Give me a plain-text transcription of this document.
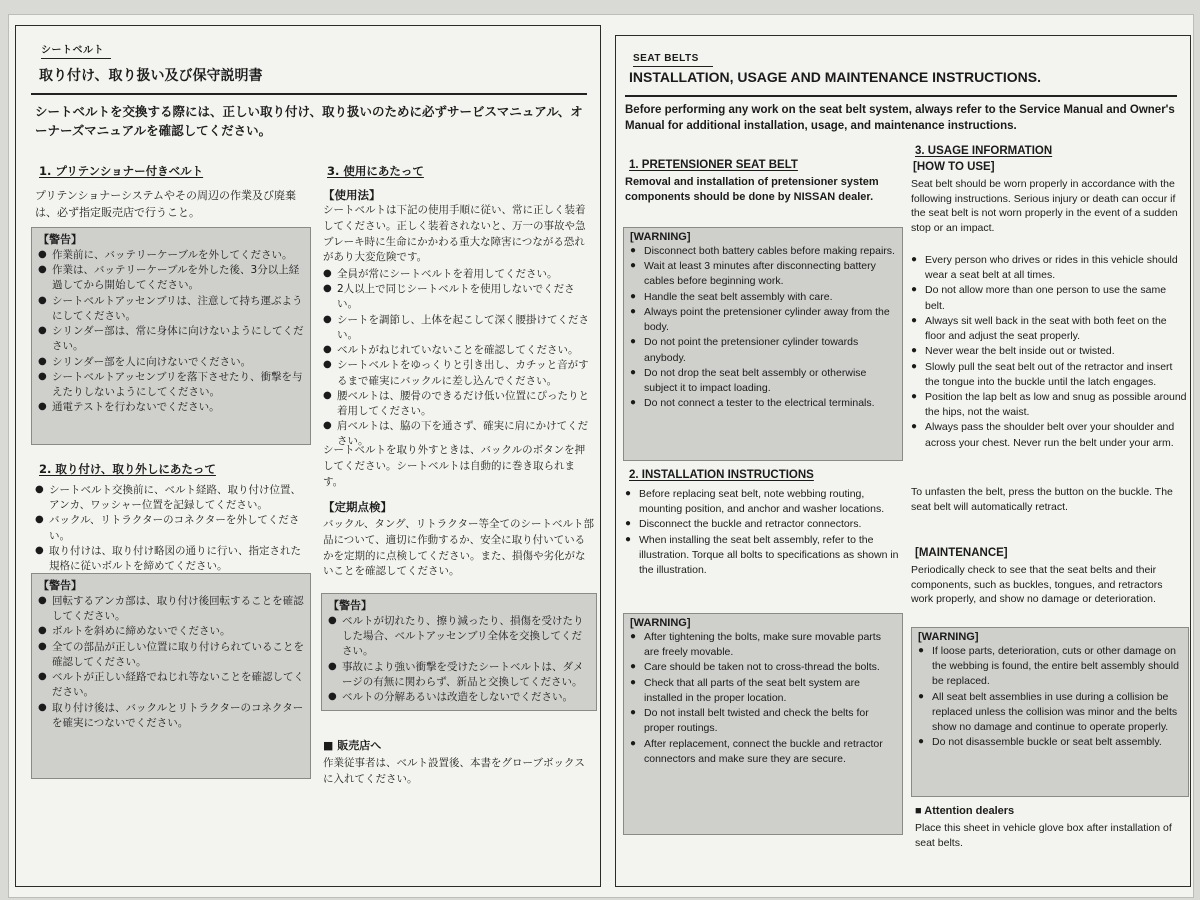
シートベルト
取り付け、取り扱い及び保守説明書
シートベルトを交換する際には、正しい取り付け、取り扱いのために必ずサービスマニュアル、オーナーズマニュアルを確認してください。
1. プリテンショナー付きベルト
プリテンショナーシステムやその周辺の作業及び廃棄は、必ず指定販売店で行うこと。
【警告】
● 作業前に、バッテリーケーブルを外してください。
● 作業は、バッテリーケーブルを外した後、3分以上経過してから開始してください。
● シートベルトアッセンブリは、注意して持ち運ぶようにしてください。
● シリンダー部は、常に身体に向けないようにしてください。
● シリンダー部を人に向けないでください。
● シートベルトアッセンブリを落下させたり、衝撃を与えたりしないようにしてください。
● 通電テストを行わないでください。
2. 取り付け、取り外しにあたって
● シートベルト交換前に、ベルト経路、取り付け位置、アンカ、ワッシャー位置を記録してください。
● バックル、リトラクターのコネクターを外してください。
● 取り付けは、取り付け略図の通りに行い、指定された規格に従いボルトを締めてください。
【警告】
● 回転するアンカ部は、取り付け後回転することを確認してください。
● ボルトを斜めに締めないでください。
● 全ての部品が正しい位置に取り付けられていることを確認してください。
● ベルトが正しい経路でねじれ等ないことを確認してください。
● 取り付け後は、バックルとリトラクターのコネクターを確実につないでください。
3. 使用にあたって
【使用法】
シートベルトは下記の使用手順に従い、常に正しく装着してください。正しく装着されないと、万一の事故や急ブレーキ時に生命にかかわる重大な障害につながる恐れがあり大変危険です。
● 全員が常にシートベルトを着用してください。
● 2人以上で同じシートベルトを使用しないでください。
● シートを調節し、上体を起こして深く腰掛けてください。
● ベルトがねじれていないことを確認してください。
● シートベルトをゆっくりと引き出し、カチッと音がするまで確実にバックルに差し込んでください。
● 腰ベルトは、腰骨のできるだけ低い位置にぴったりと着用してください。
● 肩ベルトは、脇の下を通さず、確実に肩にかけてください。
シートベルトを取り外すときは、バックルのボタンを押してください。シートベルトは自動的に巻き取られます。
【定期点検】
バックル、タング、リトラクター等全てのシートベルト部品について、適切に作動するか、安全に取り付いているかを定期的に点検してください。また、損傷や劣化がないことを確認してください。
【警告】
● ベルトが切れたり、擦り減ったり、損傷を受けたりした場合、ベルトアッセンブリ全体を交換してください。
● 事故により強い衝撃を受けたシートベルトは、ダメージの有無に関わらず、新品と交換してください。
● ベルトの分解あるいは改造をしないでください。
■ 販売店へ
作業従事者は、ベルト設置後、本書をグローブボックスに入れてください。
SEAT BELTS
INSTALLATION, USAGE AND MAINTENANCE INSTRUCTIONS.
Before performing any work on the seat belt system, always refer to the Service Manual and Owner's Manual for additional installation, usage, and maintenance instructions.
1. PRETENSIONER SEAT BELT
Removal and installation of pretensioner system components should be done by NISSAN dealer.
[WARNING]
● Disconnect both battery cables before making repairs.
● Wait at least 3 minutes after disconnecting battery cables before beginning work.
● Handle the seat belt assembly with care.
● Always point the pretensioner cylinder away from the body.
● Do not point the pretensioner cylinder towards anybody.
● Do not drop the seat belt assembly or otherwise subject it to impact loading.
● Do not connect a tester to the electrical terminals.
2. INSTALLATION INSTRUCTIONS
● Before replacing seat belt, note webbing routing, mounting position, and anchor and washer locations.
● Disconnect the buckle and retractor connectors.
● When installing the seat belt assembly, refer to the illustration. Torque all bolts to specifications as shown in the illustration.
[WARNING]
● After tightening the bolts, make sure movable parts are freely movable.
● Care should be taken not to cross-thread the bolts.
● Check that all parts of the seat belt system are installed in the proper location.
● Do not install belt twisted and check the belts for proper routings.
● After replacement, connect the buckle and retractor connectors and make sure they are secure.
3. USAGE INFORMATION
[HOW TO USE]
Seat belt should be worn properly in accordance with the following instructions. Serious injury or death can occur if the seat belt is not worn properly in the event of a sudden stop or an impact.
● Every person who drives or rides in this vehicle should wear a seat belt at all times.
● Do not allow more than one person to use the same belt.
● Always sit well back in the seat with both feet on the floor and adjust the seat properly.
● Never wear the belt inside out or twisted.
● Slowly pull the seat belt out of the retractor and insert the tongue into the buckle until the latch engages.
● Position the lap belt as low and snug as possible around the hips, not the waist.
● Always pass the shoulder belt over your shoulder and across your chest. Never run the belt under your arm.
To unfasten the belt, press the button on the buckle. The seat belt will automatically retract.
[MAINTENANCE]
Periodically check to see that the seat belts and their components, such as buckles, tongues, and retractors work properly, and show no damage or deterioration.
[WARNING]
● If loose parts, deterioration, cuts or other damage on the webbing is found, the entire belt assembly should be replaced.
● All seat belt assemblies in use during a collision be replaced unless the collision was minor and the belts show no damage and continue to operate properly.
● Do not disassemble buckle or seat belt assembly.
■ Attention dealers
Place this sheet in vehicle glove box after installation of seat belts.
